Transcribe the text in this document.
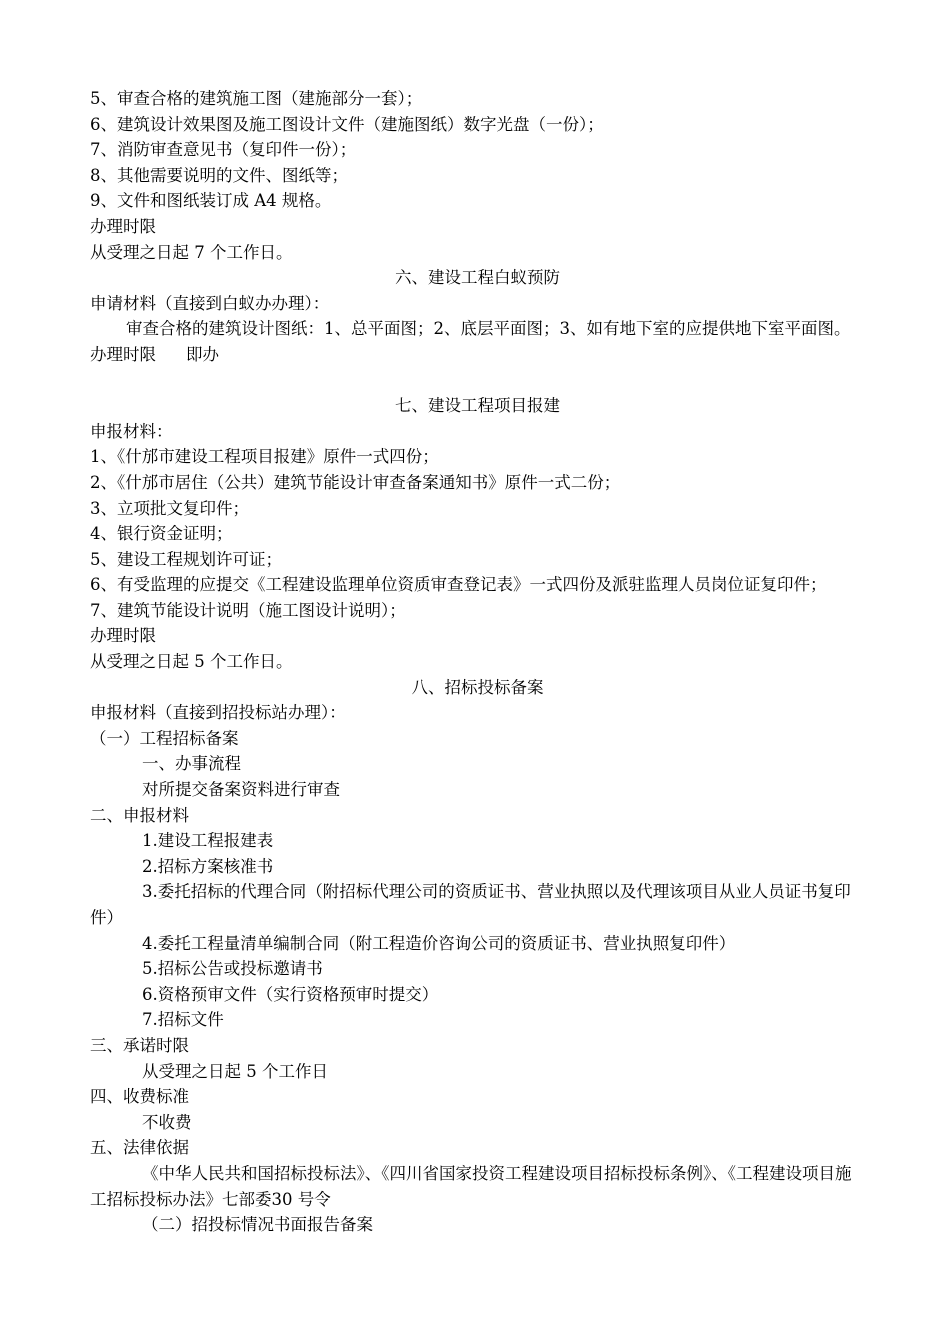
5、审查合格的建筑施工图（建施部分一套）；
6、建筑设计效果图及施工图设计文件（建施图纸）数字光盘（一份）；
7、消防审查意见书（复印件一份）；
8、其他需要说明的文件、图纸等；
9、文件和图纸装订成 A4 规格。
办理时限
从受理之日起 7 个工作日。
六、建设工程白蚁预防
申请材料（直接到白蚁办办理）：
审查合格的建筑设计图纸：1、总平面图；2、底层平面图；3、如有地下室的应提供地下室平面图。
办理时限 即办
七、建设工程项目报建
申报材料：
1、《什邡市建设工程项目报建》原件一式四份；
2、《什邡市居住（公共）建筑节能设计审查备案通知书》原件一式二份；
3、立项批文复印件；
4、银行资金证明；
5、建设工程规划许可证；
6、有受监理的应提交《工程建设监理单位资质审查登记表》一式四份及派驻监理人员岗位证复印件；
7、建筑节能设计说明（施工图设计说明）；
办理时限
从受理之日起 5 个工作日。
八、招标投标备案
申报材料（直接到招投标站办理）：
（一）工程招标备案
一、办事流程
对所提交备案资料进行审查
二、申报材料
1.建设工程报建表
2.招标方案核准书
3.委托招标的代理合同（附招标代理公司的资质证书、营业执照以及代理该项目从业人员证书复印件）
4.委托工程量清单编制合同（附工程造价咨询公司的资质证书、营业执照复印件）
5.招标公告或投标邀请书
6.资格预审文件（实行资格预审时提交）
7.招标文件
三、承诺时限
从受理之日起 5 个工作日
四、收费标准
不收费
五、法律依据
《中华人民共和国招标投标法》、《四川省国家投资工程建设项目招标投标条例》、《工程建设项目施工招标投标办法》七部委30 号令
（二）招投标情况书面报告备案
